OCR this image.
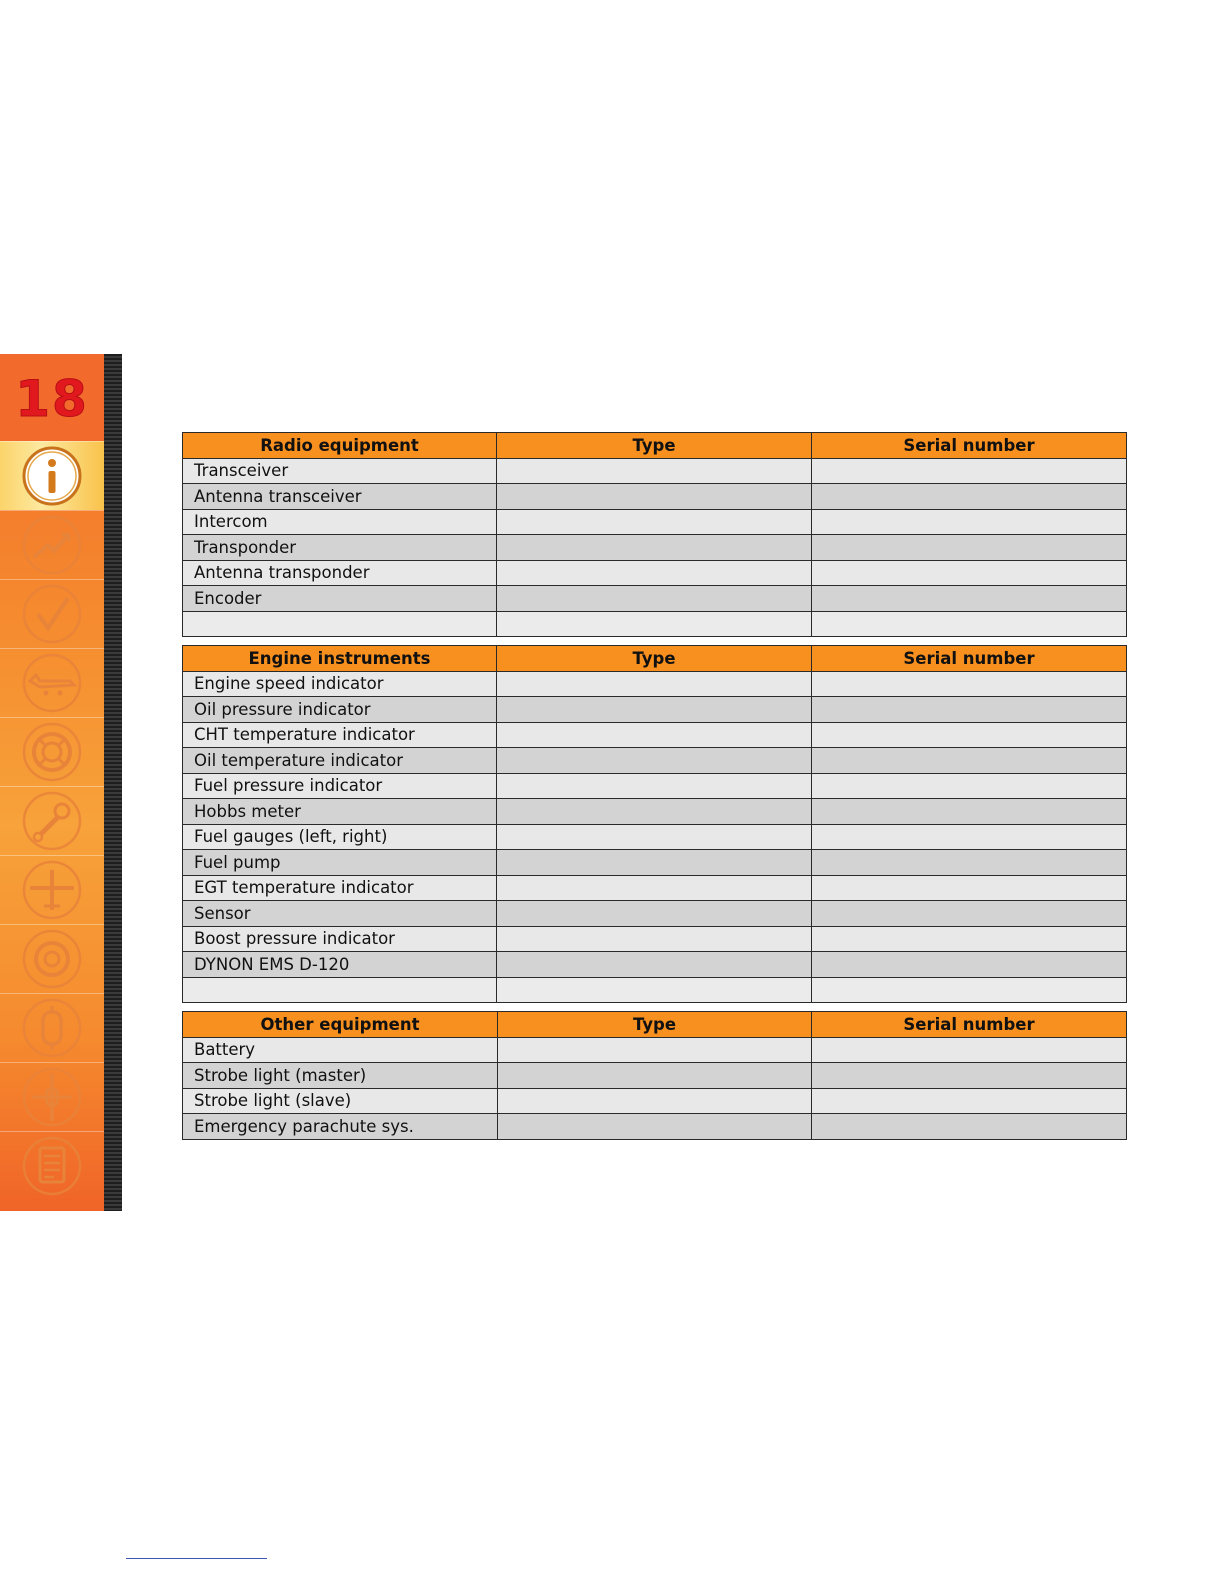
18
Radio equipment	Type	Serial number
Transceiver		
Antenna transceiver		
Intercom		
Transponder		
Antenna transponder		
Encoder		

Engine instruments	Type	Serial number
Engine speed indicator		
Oil pressure indicator		
CHT temperature indicator		
Oil temperature indicator		
Fuel pressure indicator		
Hobbs meter		
Fuel gauges (left, right)		
Fuel pump		
EGT temperature indicator		
Sensor		
Boost pressure indicator		
DYNON EMS D-120		

Other equipment	Type	Serial number
Battery		
Strobe light (master)		
Strobe light (slave)		
Emergency parachute sys.		
